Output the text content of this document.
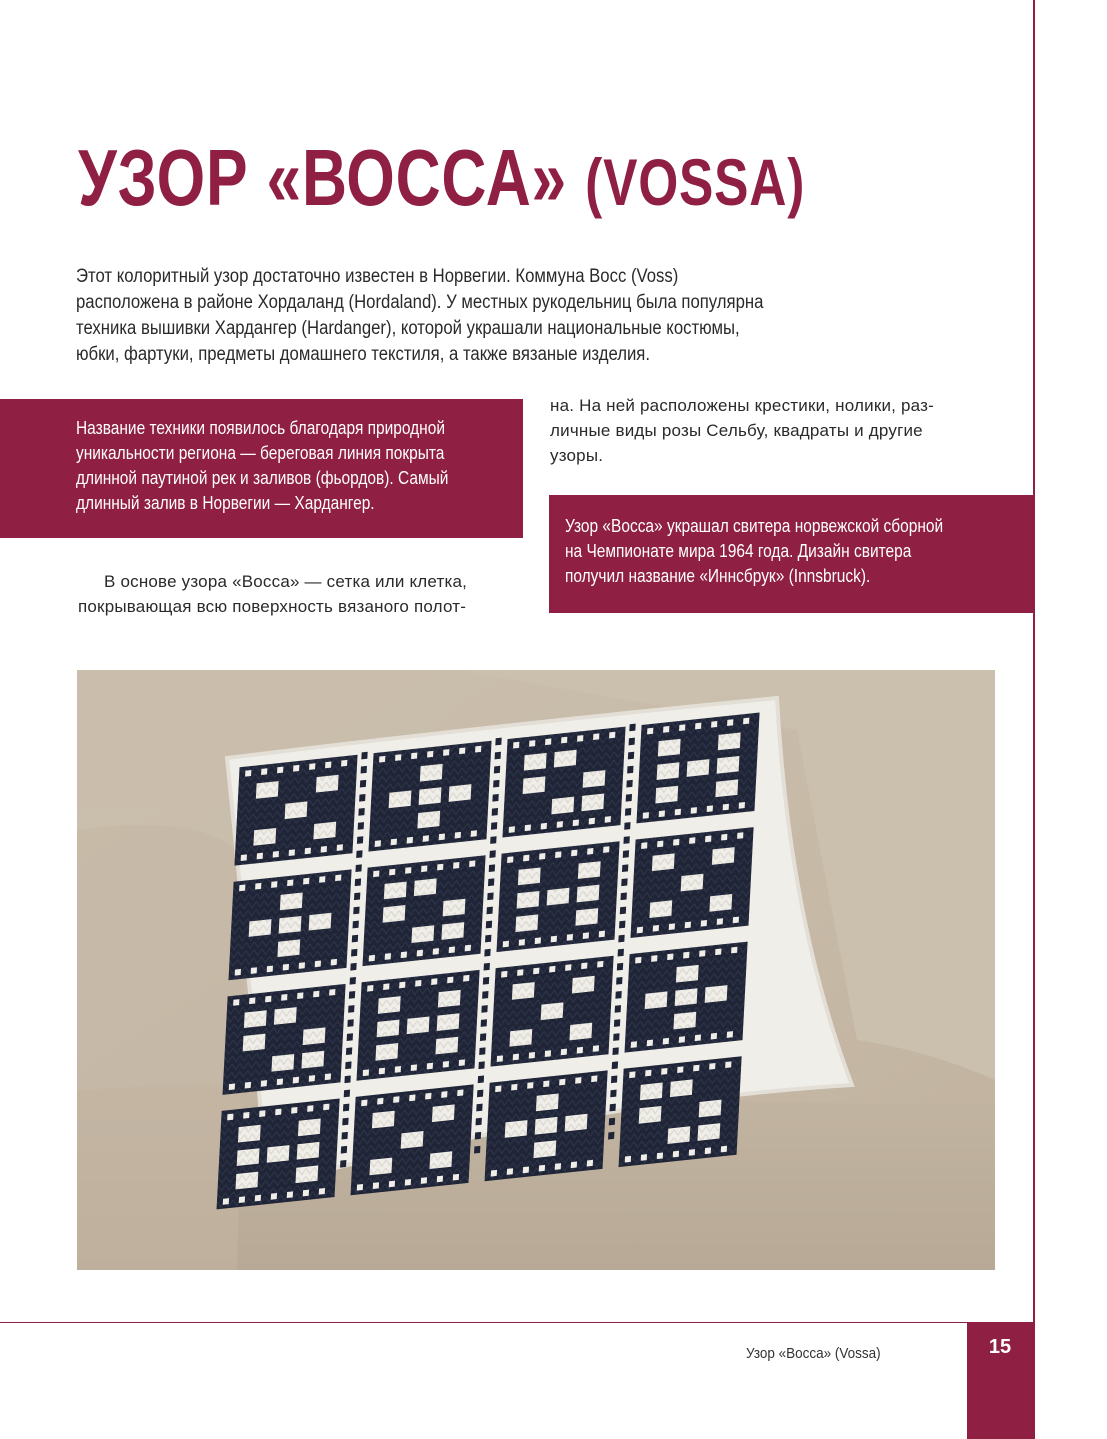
УЗОР «ВОССА» (VOSSA)

Этот колоритный узор достаточно известен в Норвегии. Коммуна Восс (Voss)
расположена в районе Хордаланд (Hordaland). У местных рукодельниц была популярна
техника вышивки Хардангер (Hardanger), которой украшали национальные костюмы,
юбки, фартуки, предметы домашнего текстиля, а также вязаные изделия.

Название техники появилось благодаря природной
уникальности региона — береговая линия покрыта
длинной паутиной рек и заливов (фьордов). Самый
длинный залив в Норвегии — Хардангер.

на. На ней расположены крестики, нолики, раз-
личные виды розы Сельбу, квадраты и другие
узоры.

Узор «Восса» украшал свитера норвежской сборной
на Чемпионате мира 1964 года. Дизайн свитера
получил название «Иннсбрук» (Innsbruck).

В основе узора «Восса» — сетка или клетка,
покрывающая всю поверхность вязаного полот-

Узор «Восса» (Vossa)	15
